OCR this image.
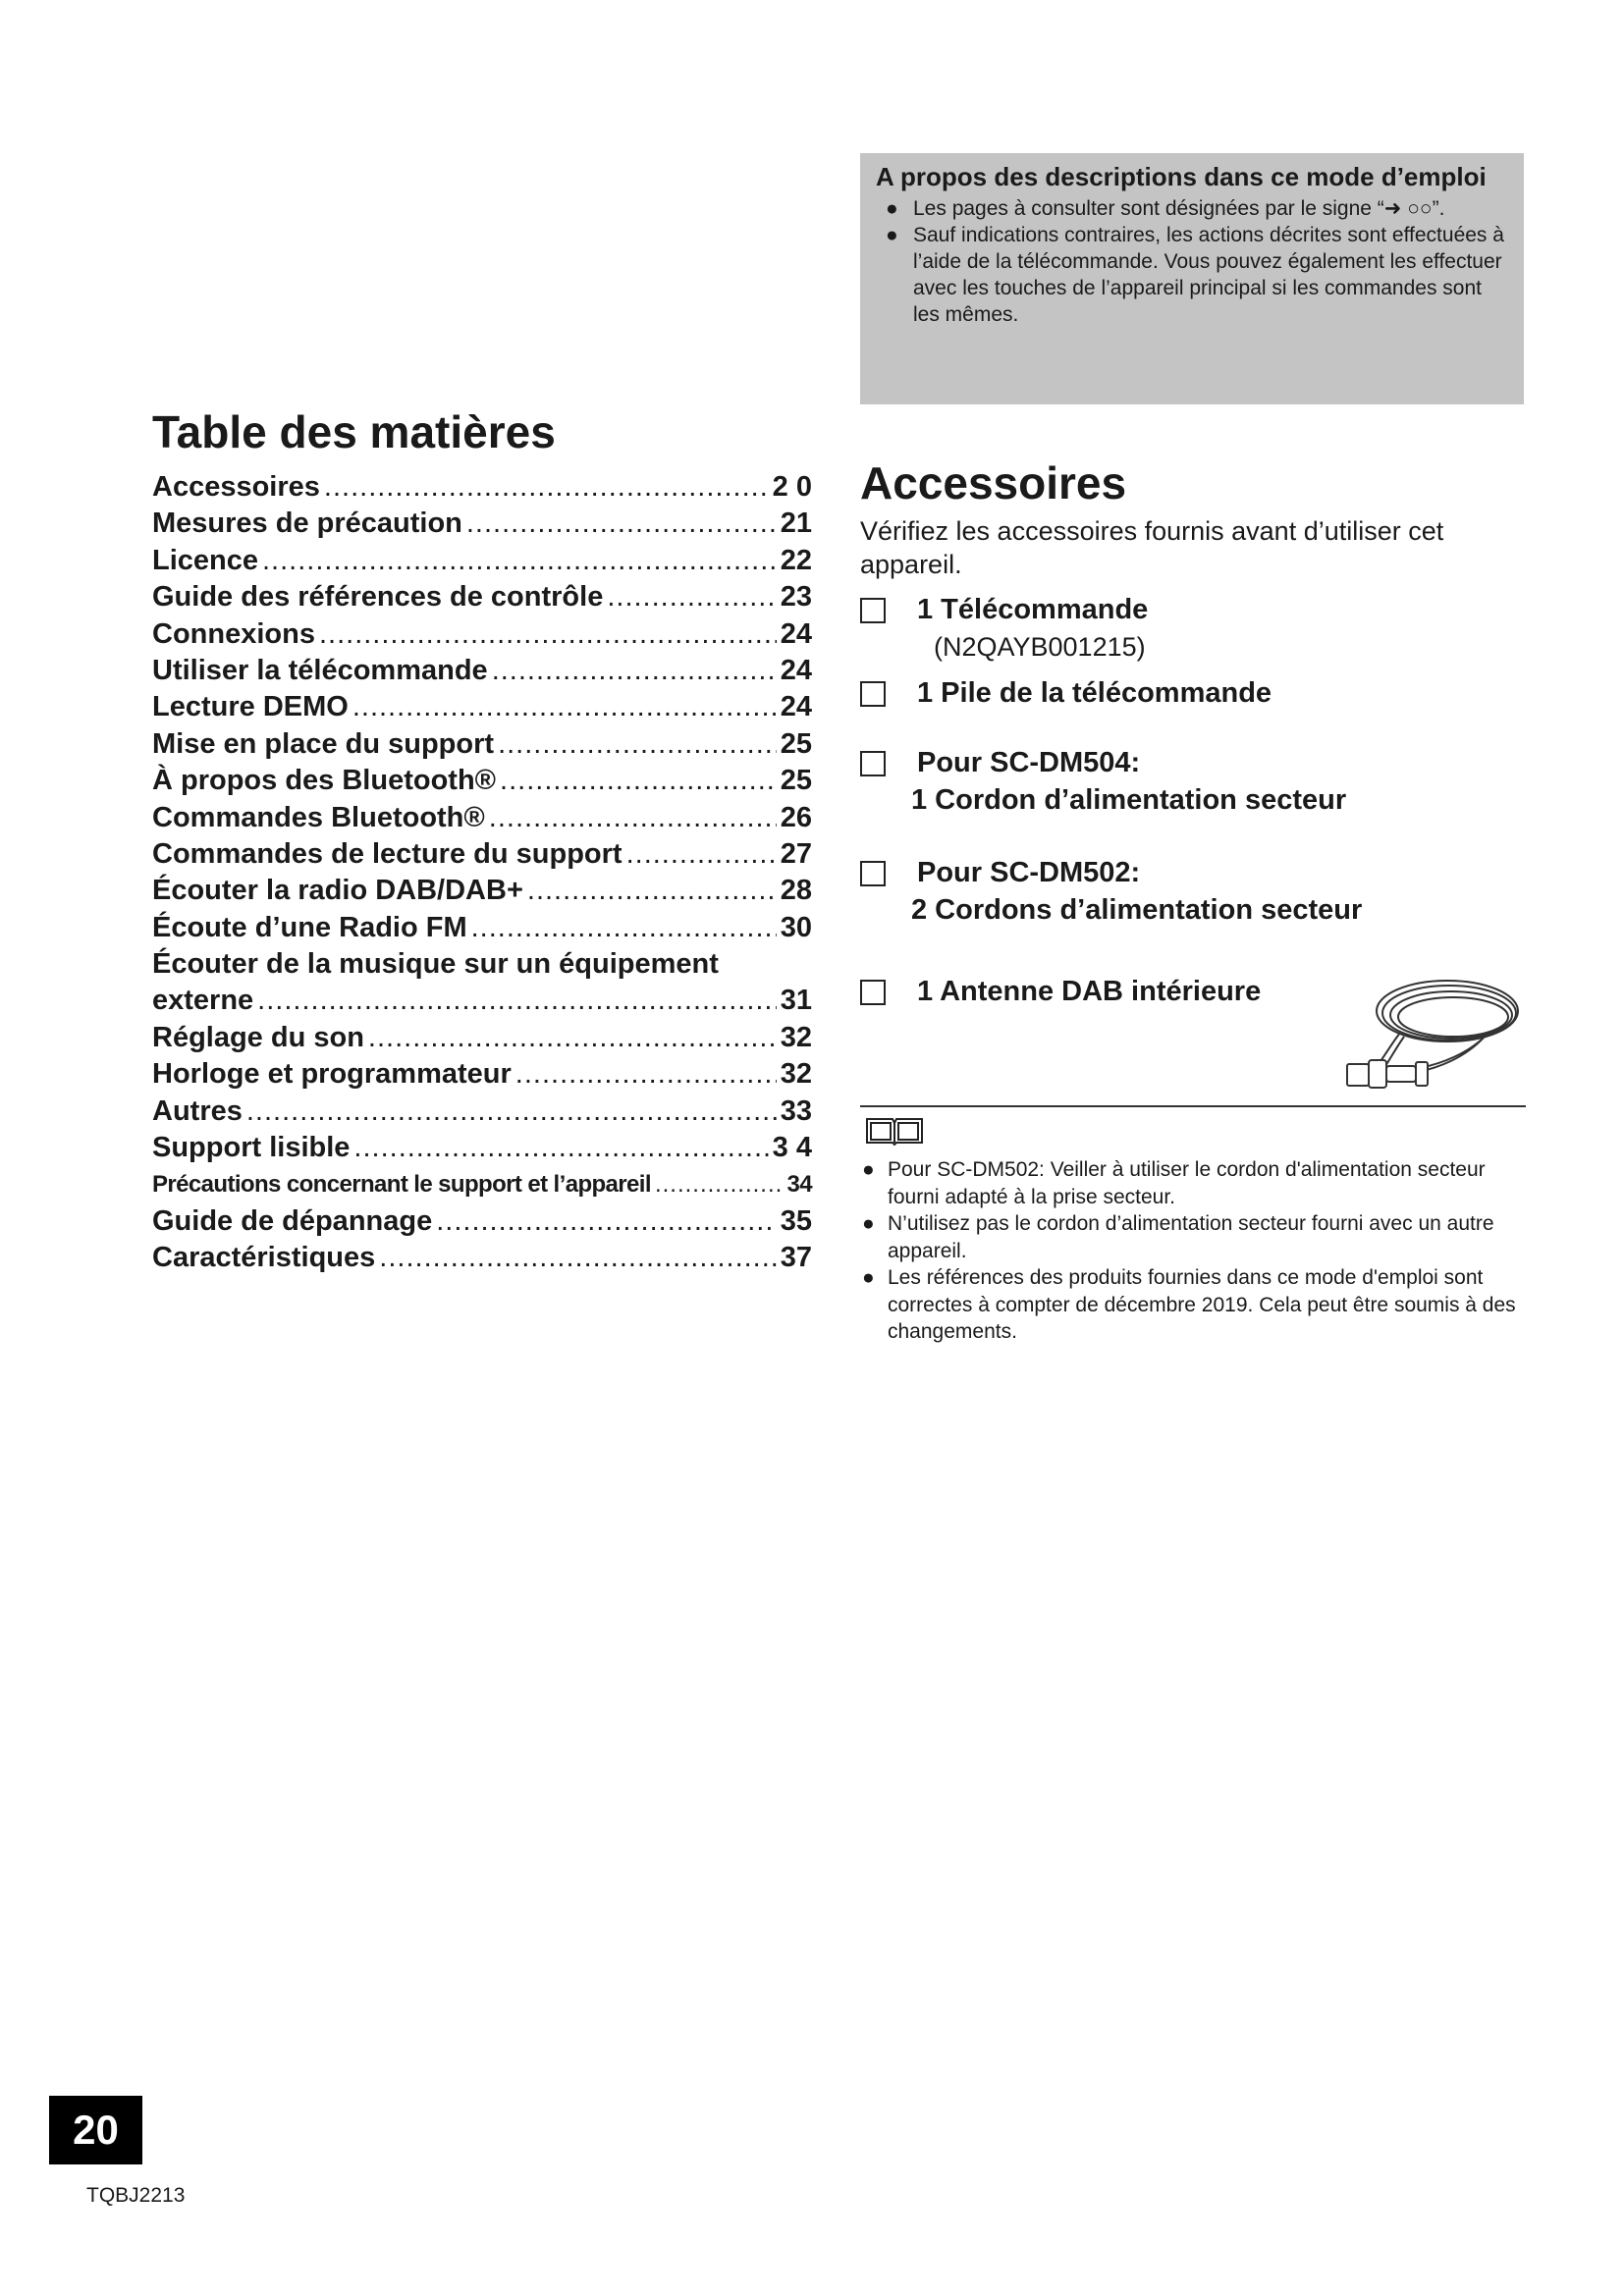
A propos des descriptions dans ce mode d’emploi
● Les pages à consulter sont désignées par le signe “➜ ○○”.
● Sauf indications contraires, les actions décrites sont effectuées à l’aide de la télécommande. Vous pouvez également les effectuer avec les touches de l’appareil principal si les commandes sont les mêmes.
Table des matières
Accessoires .....	2 0
Mesures de précaution .....	21
Licence .....	22
Guide des références de contrôle .....	23
Connexions .....	24
Utiliser la télécommande .....	24
Lecture DEMO .....	24
Mise en place du support .....	25
À propos des Bluetooth® .....	25
Commandes Bluetooth® .....	26
Commandes de lecture du support .....	27
Écouter la radio DAB/DAB+ .....	28
Écoute d’une Radio FM .....	30
Écouter de la musique sur un équipement
externe .....	31
Réglage du son .....	32
Horloge et programmateur .....	32
Autres .....	33
Support lisible .....	3 4
Précautions concernant le support et l’appareil .....	34
Guide de dépannage .....	35
Caractéristiques .....	37
Accessoires
Vérifiez les accessoires fournis avant d’utiliser cet appareil.
1 Télécommande
(N2QAYB001215)
1 Pile de la télécommande
Pour SC-DM504:
1 Cordon d’alimentation secteur
Pour SC-DM502:
2 Cordons d’alimentation secteur
1 Antenne DAB intérieure
● Pour SC-DM502: Veiller à utiliser le cordon d'alimentation secteur fourni adapté à la prise secteur.
● N’utilisez pas le cordon d’alimentation secteur fourni avec un autre appareil.
● Les références des produits fournies dans ce mode d'emploi sont correctes à compter de décembre 2019. Cela peut être soumis à des changements.
20
TQBJ2213
